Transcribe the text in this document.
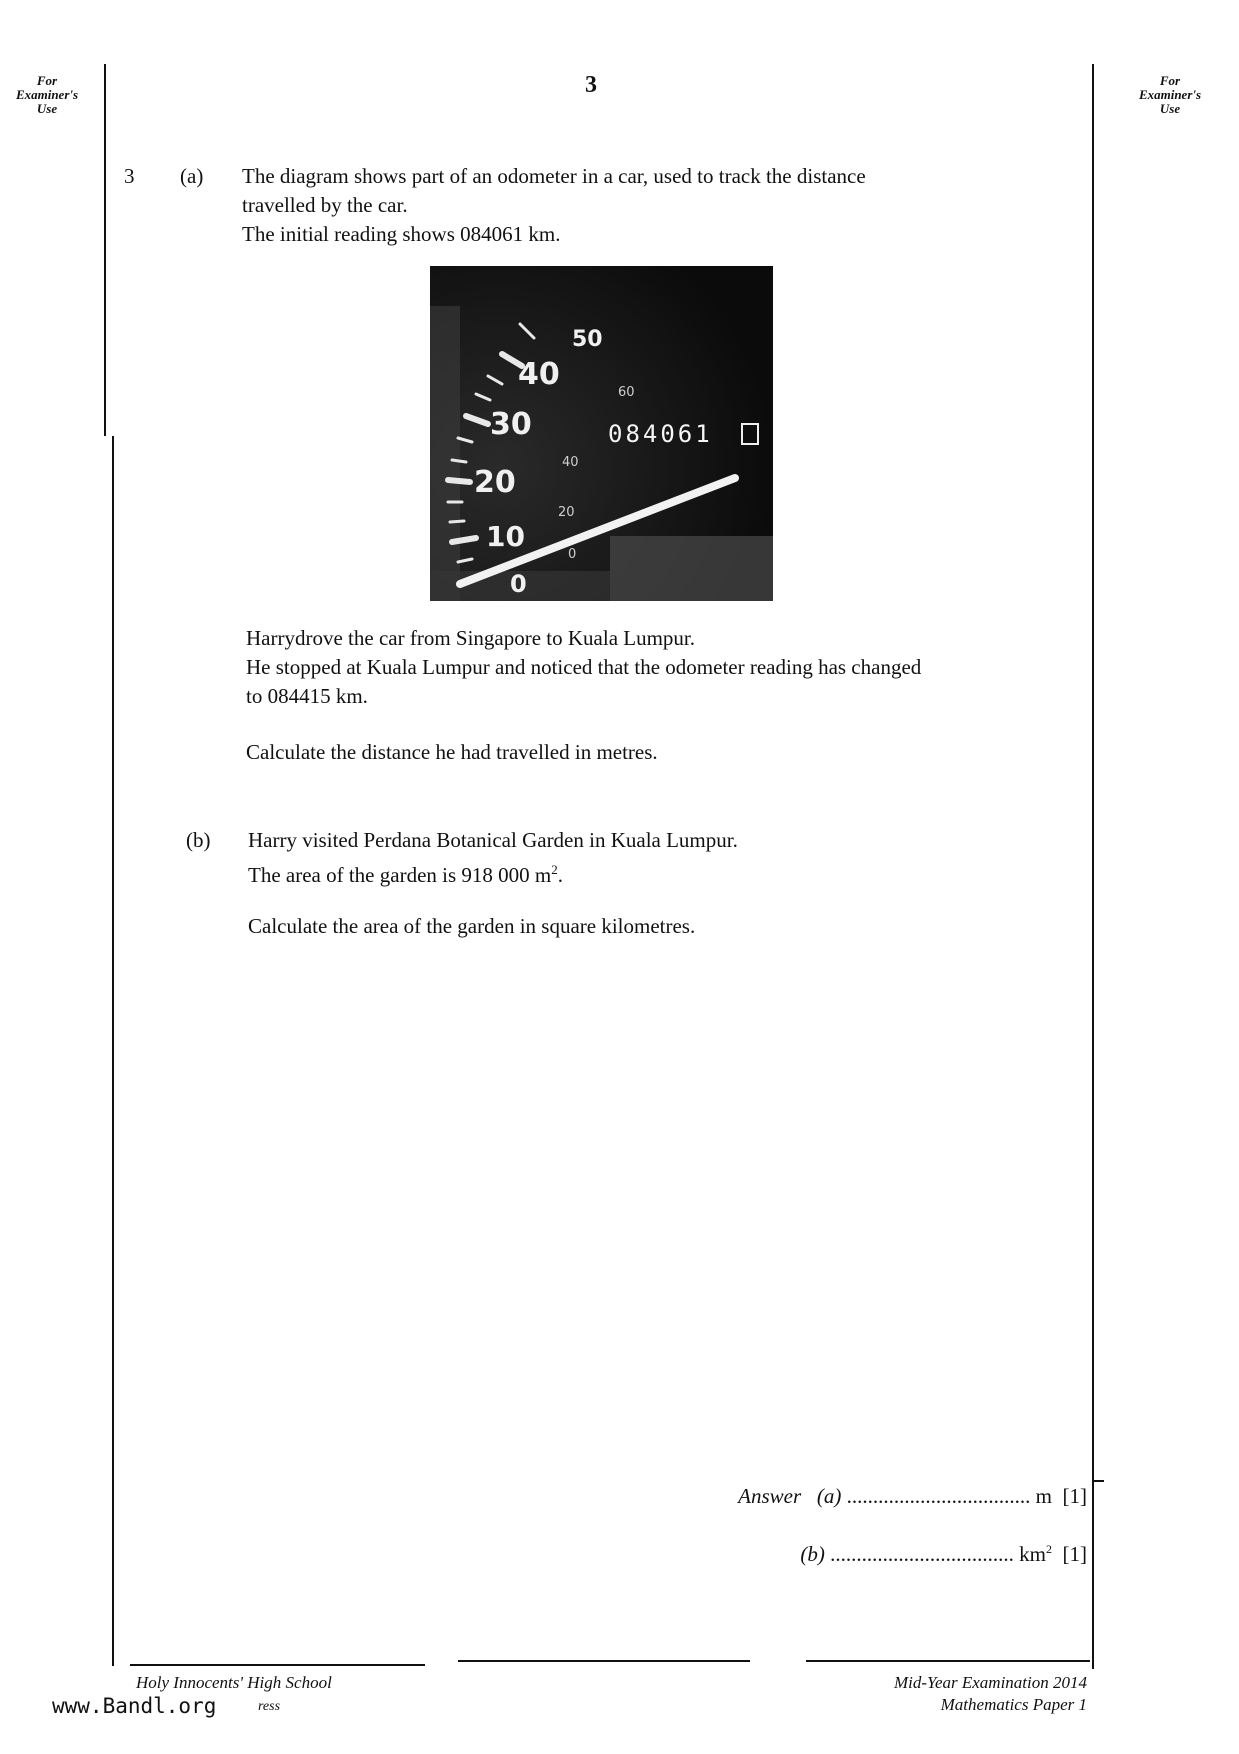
For
Examiner's
Use
For
Examiner's
Use
3
3 (a) The diagram shows part of an odometer in a car, used to track the distance
travelled by the car.
The initial reading shows 084061 km.
50
40
30
20
10
0
60
40
20
0
084061
Harrydrove the car from Singapore to Kuala Lumpur.
He stopped at Kuala Lumpur and noticed that the odometer reading has changed
to 084415 km.
Calculate the distance he had travelled in metres.
(b) Harry visited Perdana Botanical Garden in Kuala Lumpur.
The area of the garden is 918 000 $m^2$.
Calculate the area of the garden in square kilometres.
Answer (a) ................................... m [1]
(b) ................................... $km^2$ [1]
Holy Innocents' High School
ress
www.Bandl.org
Mid-Year Examination 2014
Mathematics Paper 1
